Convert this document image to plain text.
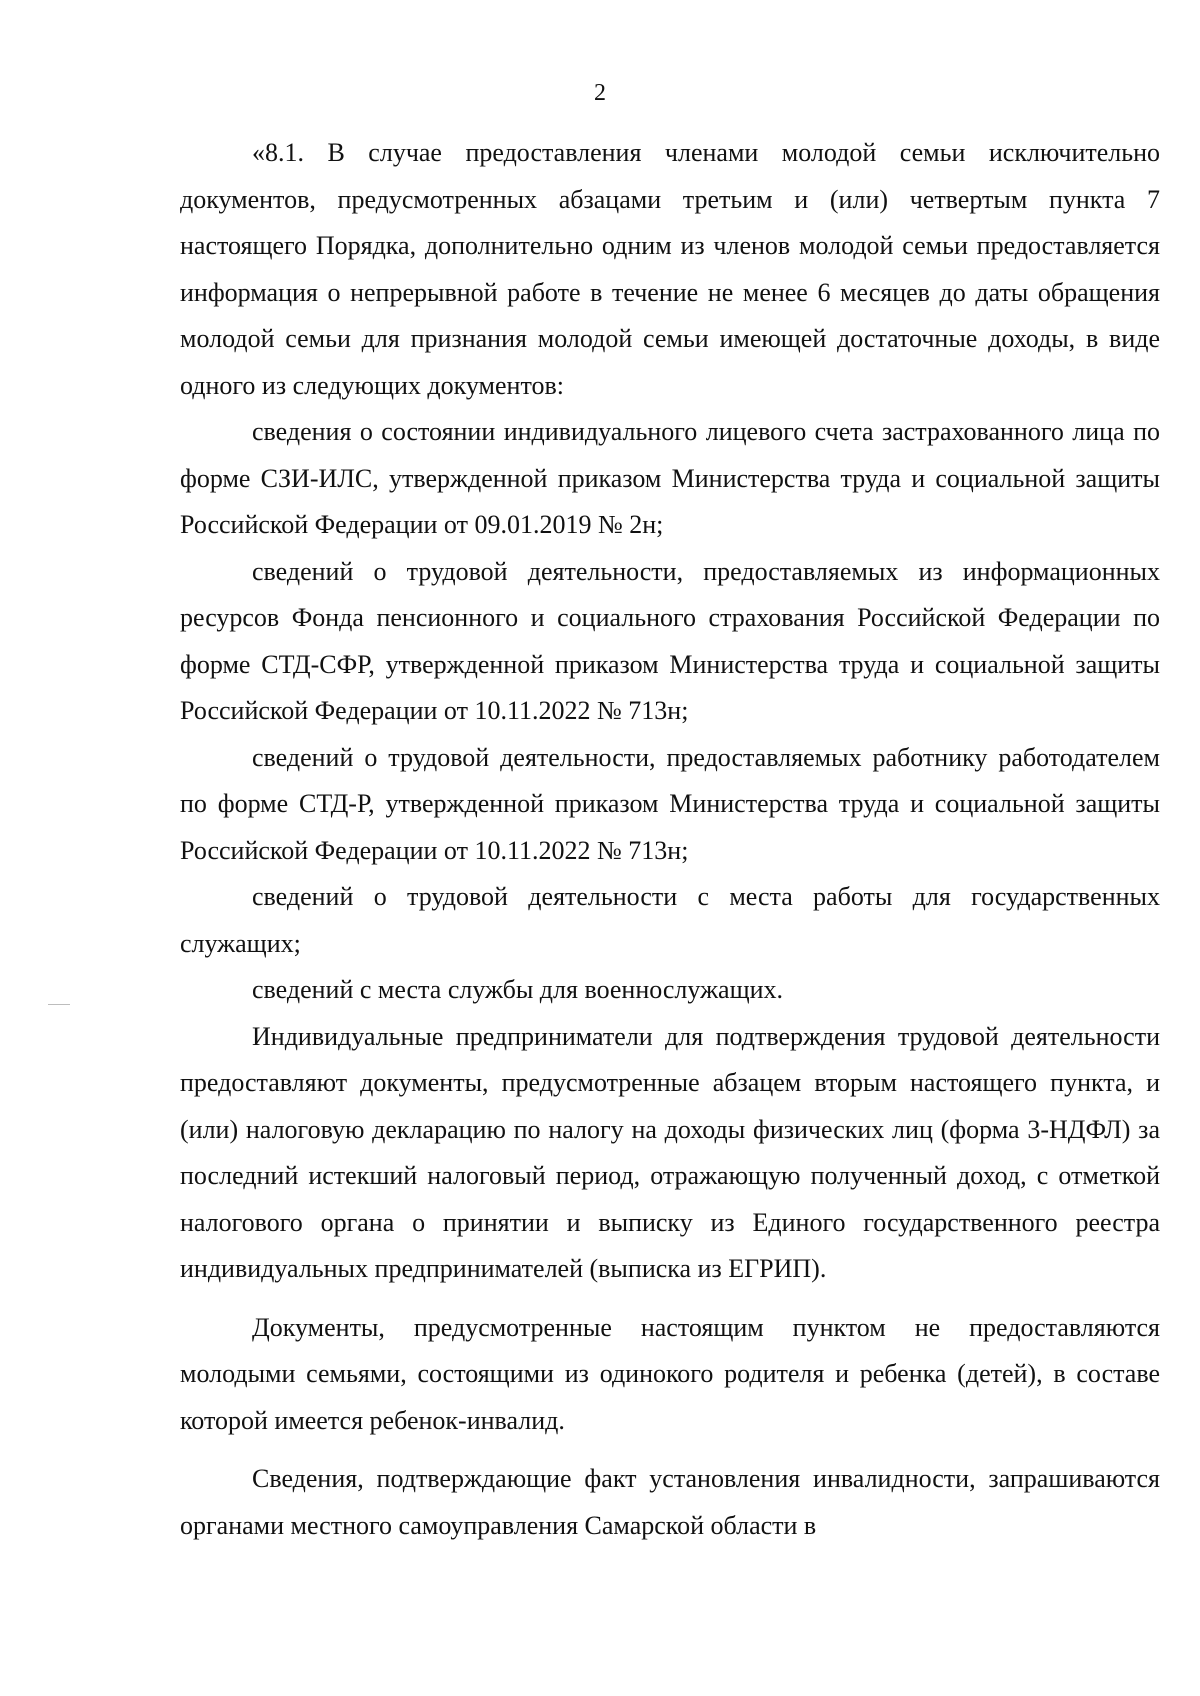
2

«8.1. В случае предоставления членами молодой семьи исключительно документов, предусмотренных абзацами третьим и (или) четвертым пункта 7 настоящего Порядка, дополнительно одним из членов молодой семьи предоставляется информация о непрерывной работе в течение не менее 6 месяцев до даты обращения молодой семьи для признания молодой семьи имеющей достаточные доходы, в виде одного из следующих документов:

сведения о состоянии индивидуального лицевого счета застрахованного лица по форме СЗИ-ИЛС, утвержденной приказом Министерства труда и социальной защиты Российской Федерации от 09.01.2019 № 2н;

сведений о трудовой деятельности, предоставляемых из информационных ресурсов Фонда пенсионного и социального страхования Российской Федерации по форме СТД-СФР, утвержденной приказом Министерства труда и социальной защиты Российской Федерации от 10.11.2022 № 713н;

сведений о трудовой деятельности, предоставляемых работнику работодателем по форме СТД-Р, утвержденной приказом Министерства труда и социальной защиты Российской Федерации от 10.11.2022 № 713н;

сведений о трудовой деятельности с места работы для государственных служащих;

сведений с места службы для военнослужащих.

Индивидуальные предприниматели для подтверждения трудовой деятельности предоставляют документы, предусмотренные абзацем вторым настоящего пункта, и (или) налоговую декларацию по налогу на доходы физических лиц (форма 3-НДФЛ) за последний истекший налоговый период, отражающую полученный доход, с отметкой налогового органа о принятии и выписку из Единого государственного реестра индивидуальных предпринимателей (выписка из ЕГРИП).

Документы, предусмотренные настоящим пунктом не предоставляются молодыми семьями, состоящими из одинокого родителя и ребенка (детей), в составе которой имеется ребенок-инвалид.

Сведения, подтверждающие факт установления инвалидности, запрашиваются органами местного самоуправления Самарской области в
